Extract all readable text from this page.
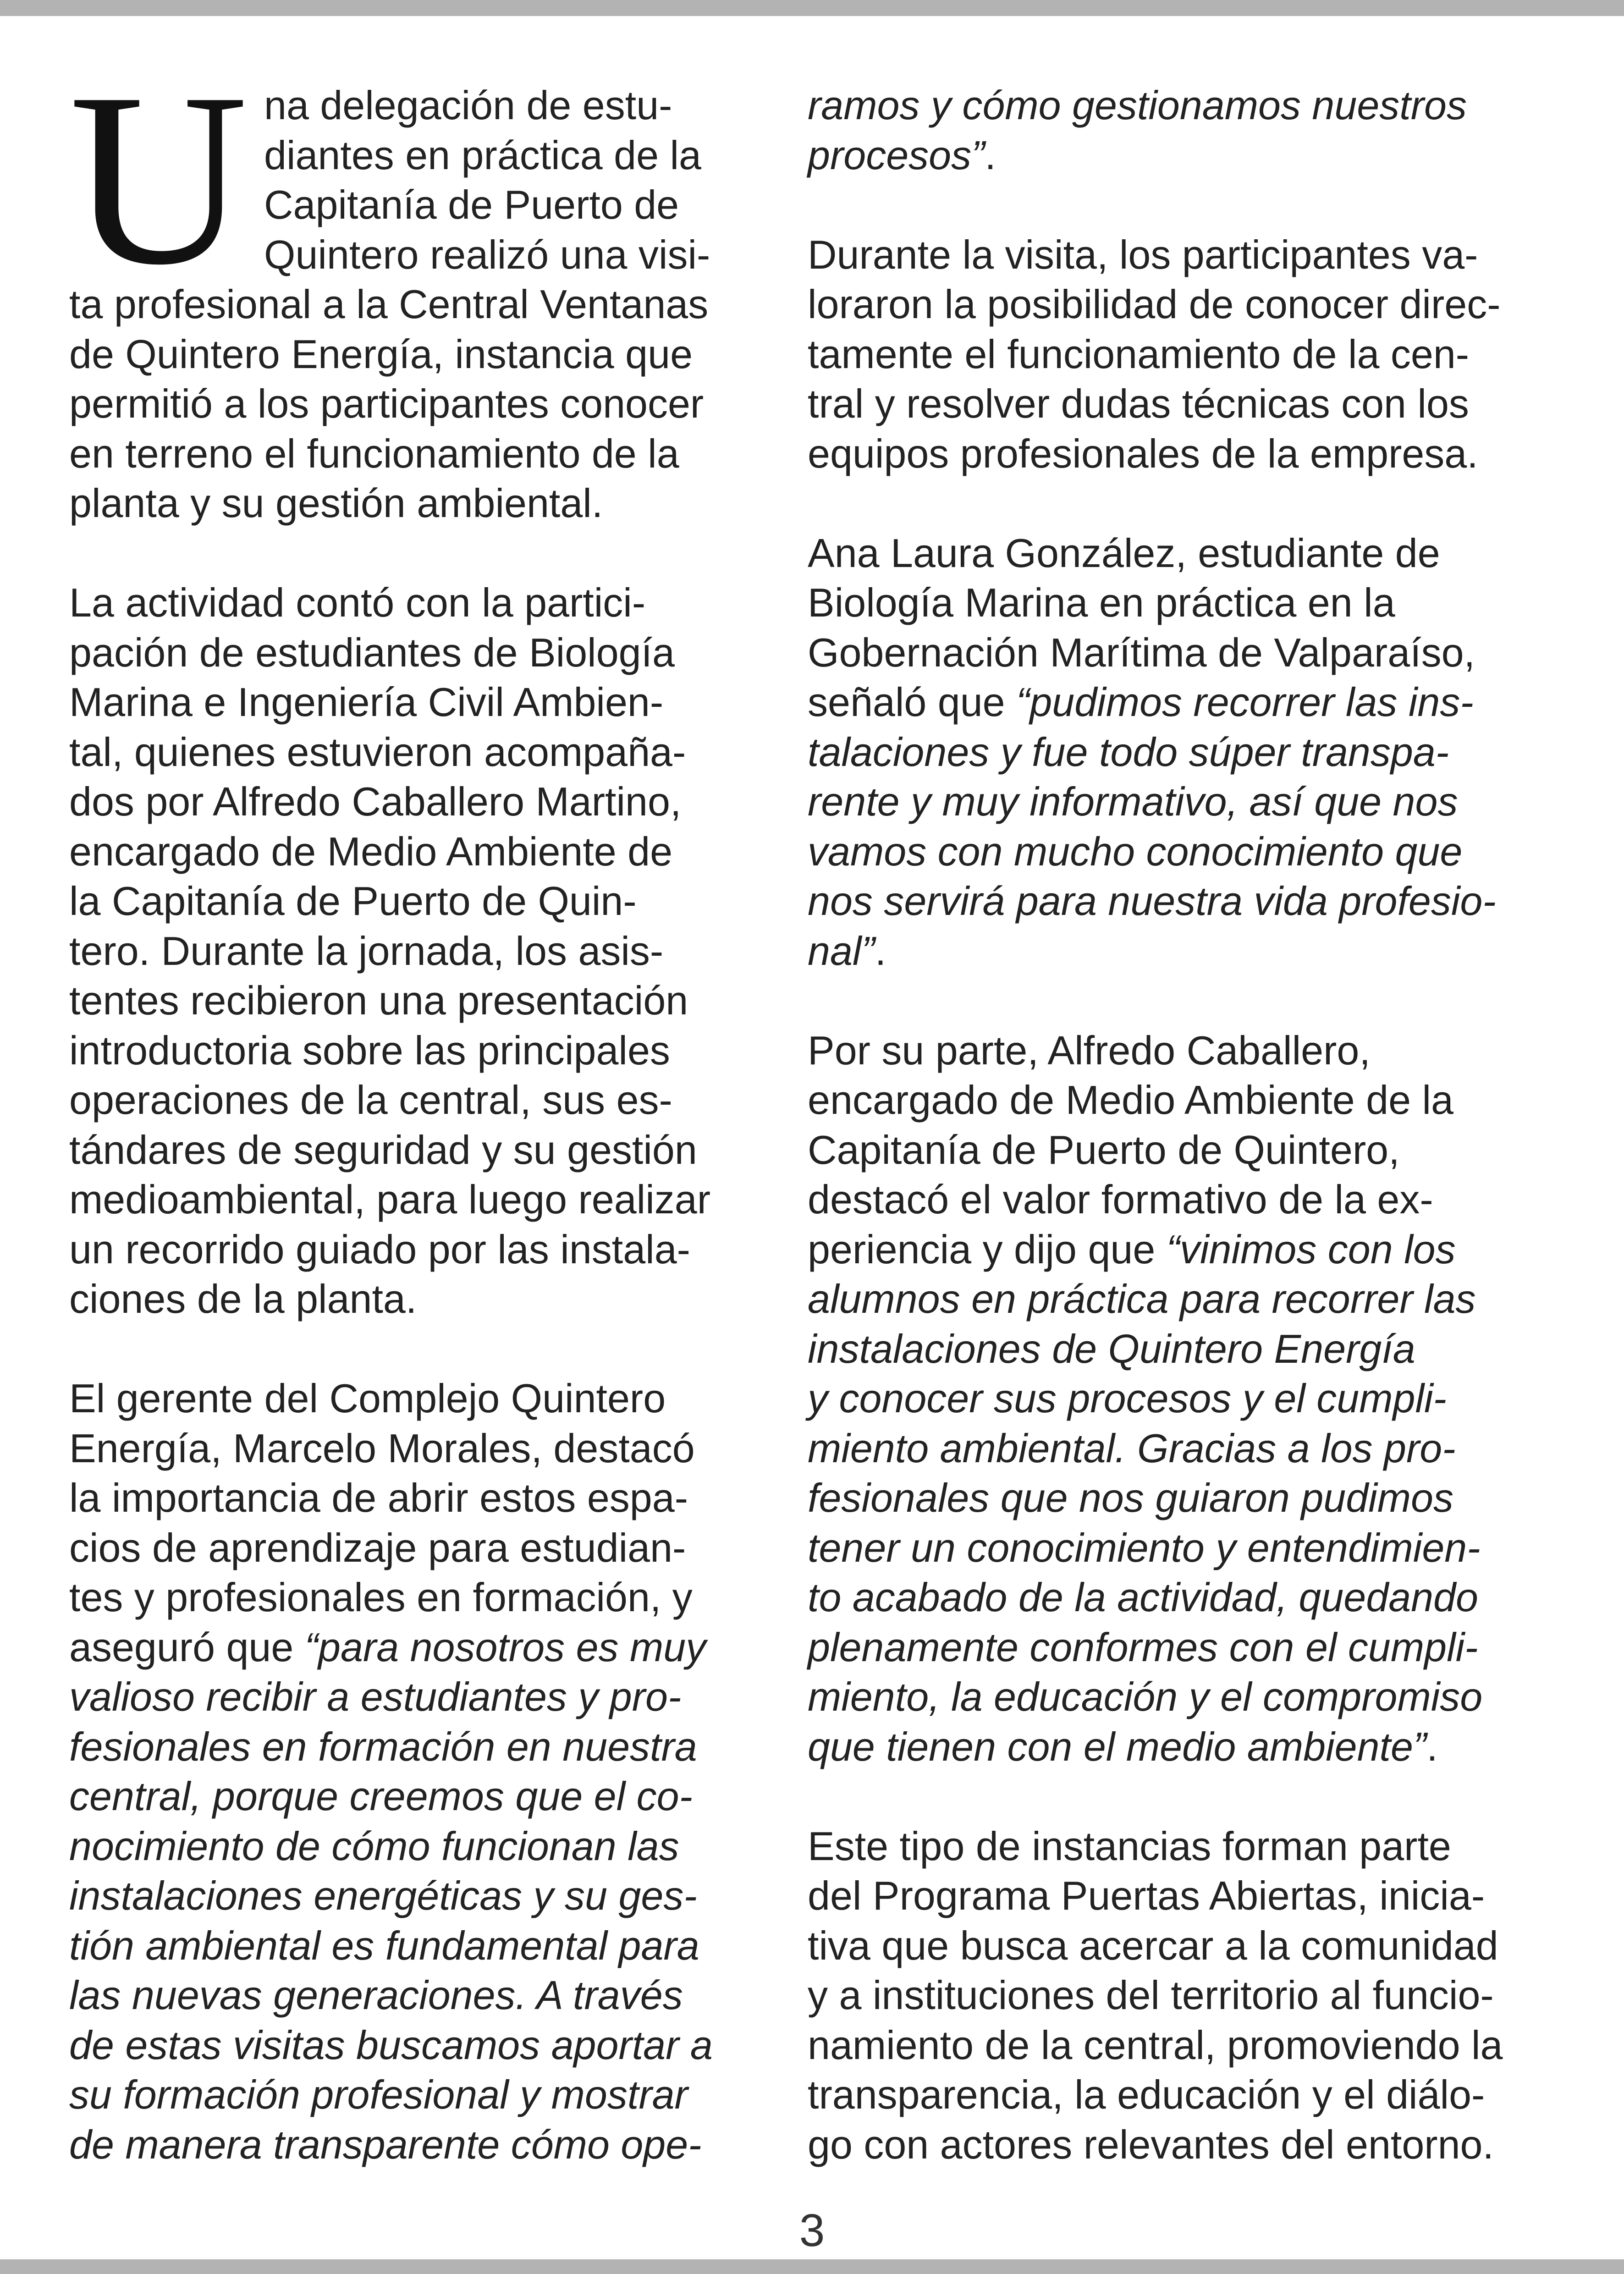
U na delegación de estu-
diantes en práctica de la
Capitanía de Puerto de
Quintero realizó una visi-
ta profesional a la Central Ventanas
de Quintero Energía, instancia que
permitió a los participantes conocer
en terreno el funcionamiento de la
planta y su gestión ambiental.
La actividad contó con la partici-
pación de estudiantes de Biología
Marina e Ingeniería Civil Ambien-
tal, quienes estuvieron acompaña-
dos por Alfredo Caballero Martino,
encargado de Medio Ambiente de
la Capitanía de Puerto de Quin-
tero. Durante la jornada, los asis-
tentes recibieron una presentación
introductoria sobre las principales
operaciones de la central, sus es-
tándares de seguridad y su gestión
medioambiental, para luego realizar
un recorrido guiado por las instala-
ciones de la planta.
El gerente del Complejo Quintero
Energía, Marcelo Morales, destacó
la importancia de abrir estos espa-
cios de aprendizaje para estudian-
tes y profesionales en formación, y
aseguró que “para nosotros es muy
valioso recibir a estudiantes y pro-
fesionales en formación en nuestra
central, porque creemos que el co-
nocimiento de cómo funcionan las
instalaciones energéticas y su ges-
tión ambiental es fundamental para
las nuevas generaciones. A través
de estas visitas buscamos aportar a
su formación profesional y mostrar
de manera transparente cómo ope-
ramos y cómo gestionamos nuestros
procesos”.
Durante la visita, los participantes va-
loraron la posibilidad de conocer direc-
tamente el funcionamiento de la cen-
tral y resolver dudas técnicas con los
equipos profesionales de la empresa.
Ana Laura González, estudiante de
Biología Marina en práctica en la
Gobernación Marítima de Valparaíso,
señaló que “pudimos recorrer las ins-
talaciones y fue todo súper transpa-
rente y muy informativo, así que nos
vamos con mucho conocimiento que
nos servirá para nuestra vida profesio-
nal”.
Por su parte, Alfredo Caballero,
encargado de Medio Ambiente de la
Capitanía de Puerto de Quintero,
destacó el valor formativo de la ex-
periencia y dijo que “vinimos con los
alumnos en práctica para recorrer las
instalaciones de Quintero Energía
y conocer sus procesos y el cumpli-
miento ambiental. Gracias a los pro-
fesionales que nos guiaron pudimos
tener un conocimiento y entendimien-
to acabado de la actividad, quedando
plenamente conformes con el cumpli-
miento, la educación y el compromiso
que tienen con el medio ambiente”.
Este tipo de instancias forman parte
del Programa Puertas Abiertas, inicia-
tiva que busca acercar a la comunidad
y a instituciones del territorio al funcio-
namiento de la central, promoviendo la
transparencia, la educación y el diálo-
go con actores relevantes del entorno.
3
